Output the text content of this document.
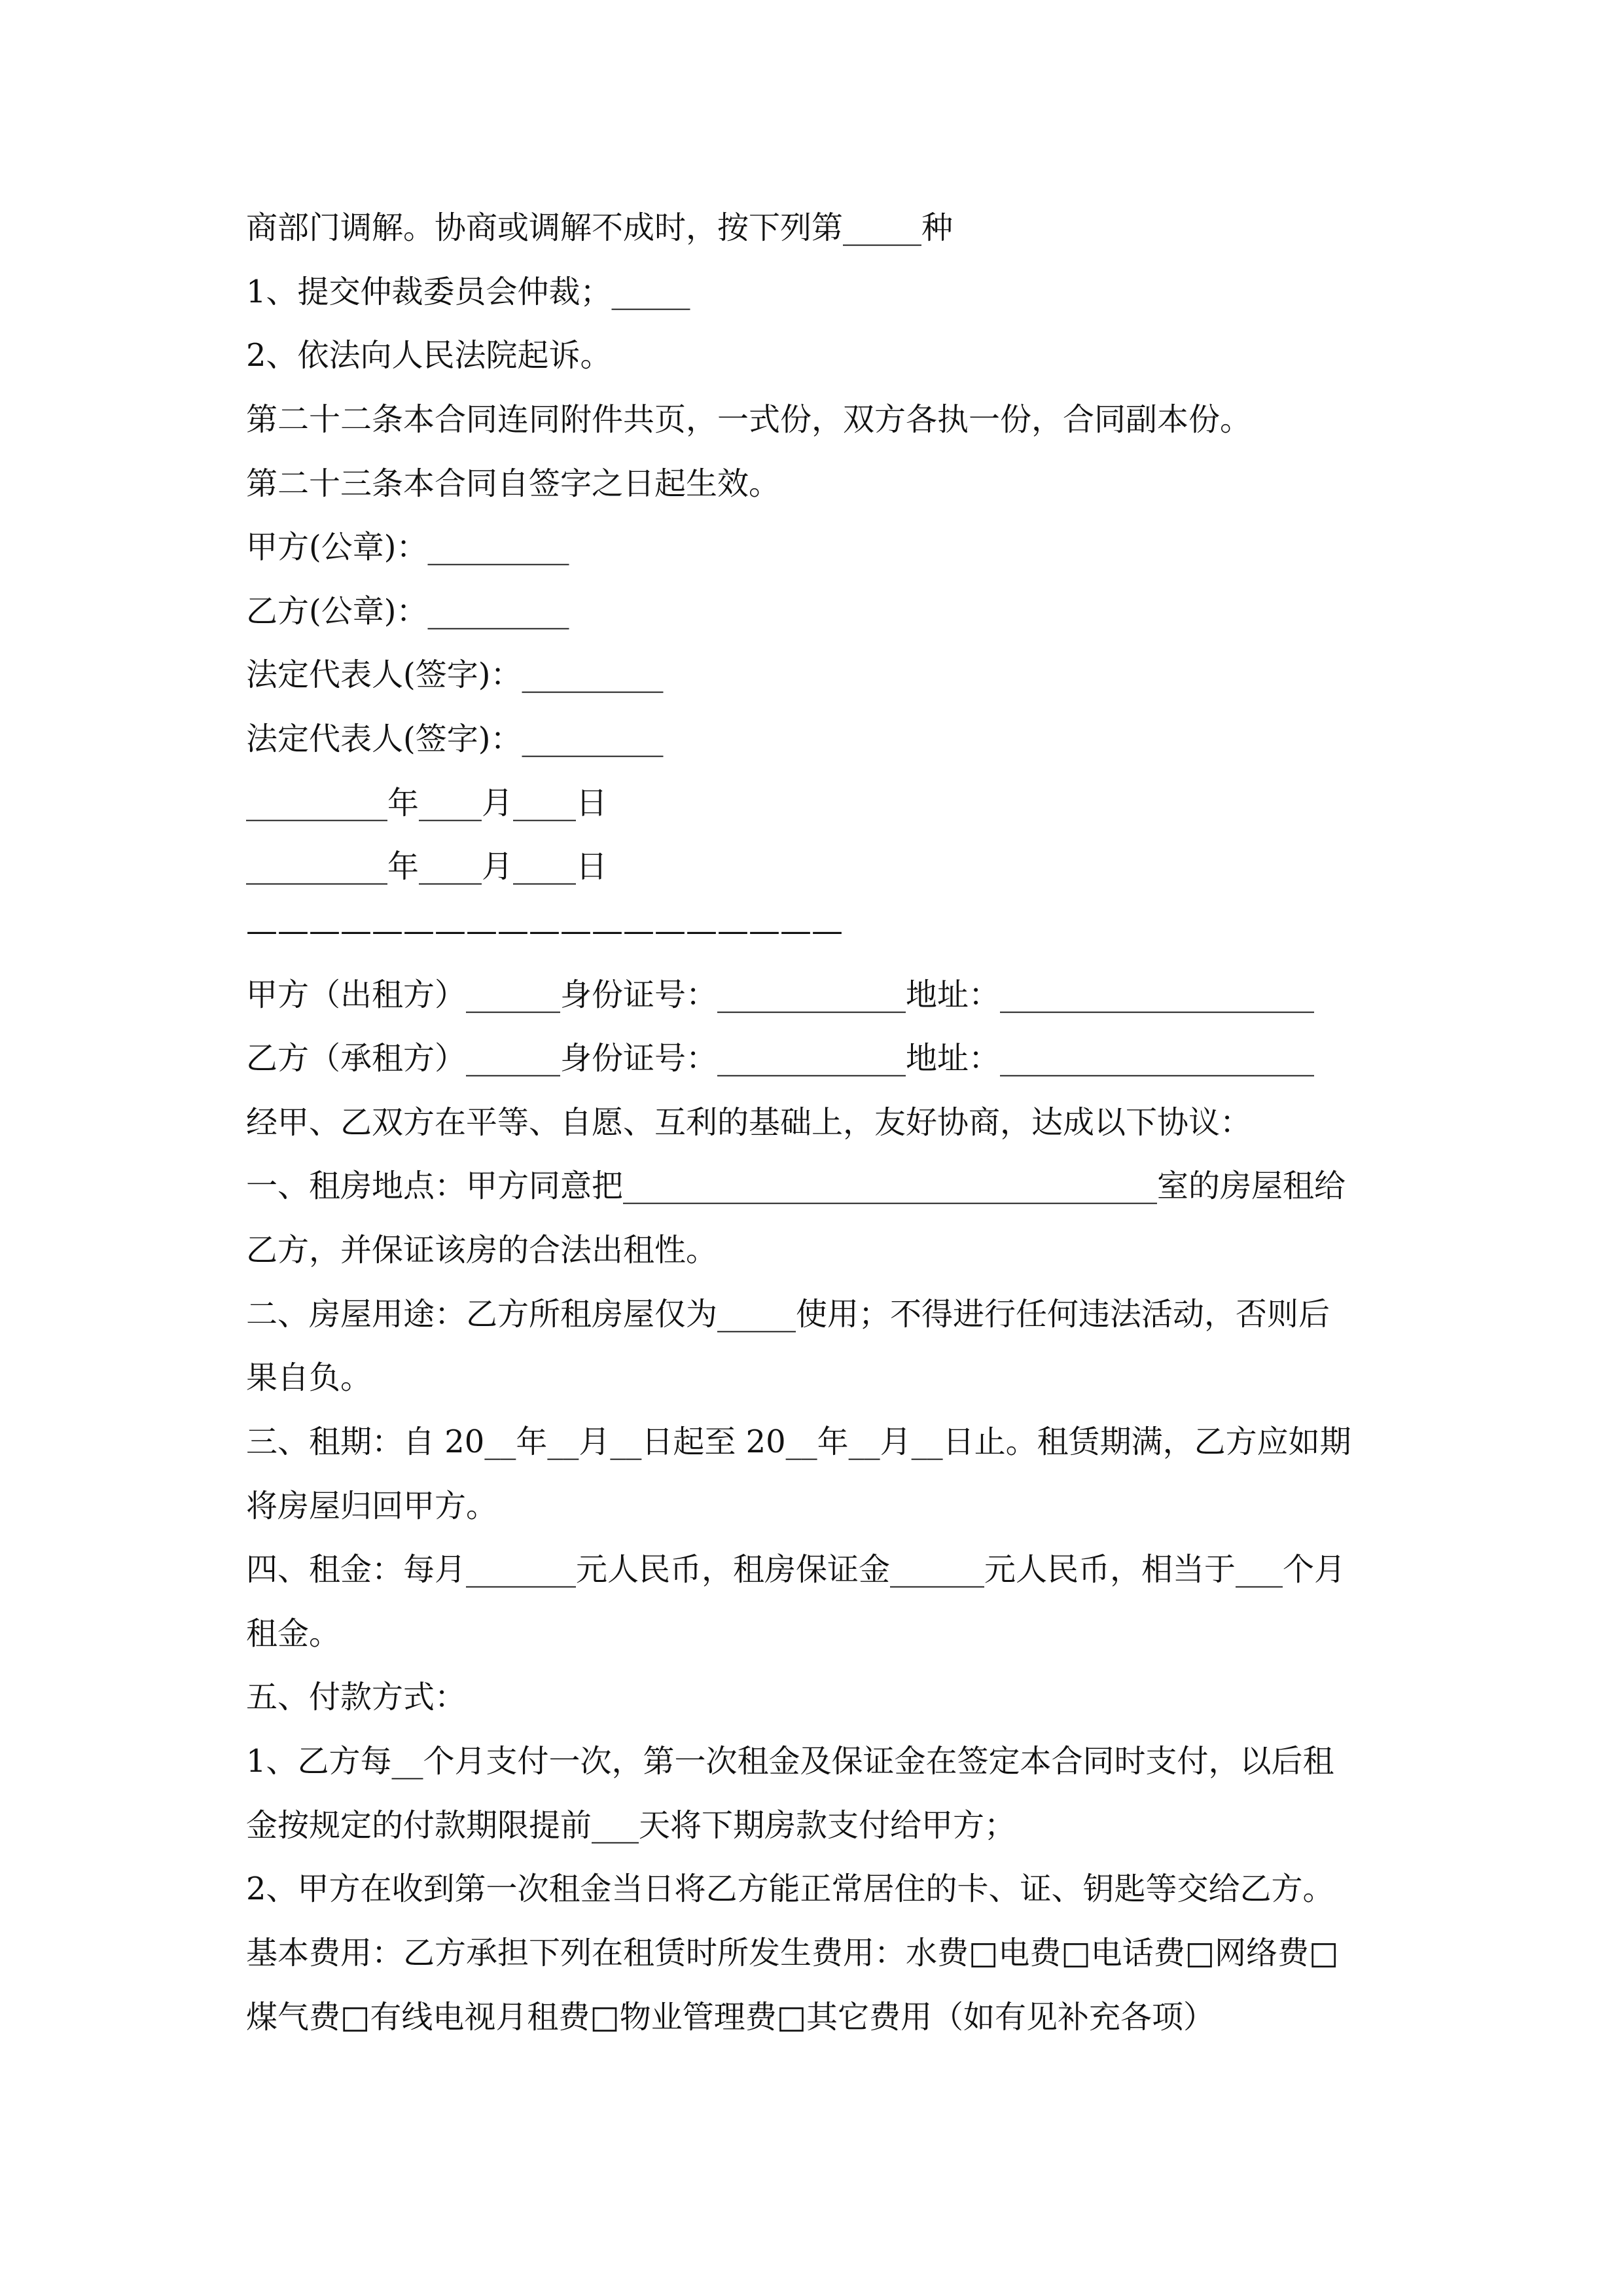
商部门调解。协商或调解不成时，按下列第_____种
1、提交仲裁委员会仲裁；_____
2、依法向人民法院起诉。
第二十二条本合同连同附件共页，一式份，双方各执一份，合同副本份。
第二十三条本合同自签字之日起生效。
甲方(公章)：_________
乙方(公章)：_________
法定代表人(签字)：_________
法定代表人(签字)：_________
_________年____月____日
_________年____月____日
———————————————————
甲方（出租方）______身份证号：____________地址：____________________
乙方（承租方）______身份证号：____________地址：____________________
经甲、乙双方在平等、自愿、互利的基础上，友好协商，达成以下协议：
一、租房地点：甲方同意把__________________________________室的房屋租给
乙方，并保证该房的合法出租性。
二、房屋用途：乙方所租房屋仅为_____使用；不得进行任何违法活动，否则后
果自负。
三、租期：自 20__年__月__日起至 20__年__月__日止。租赁期满，乙方应如期
将房屋归回甲方。
四、租金：每月_______元人民币，租房保证金______元人民币，相当于___个月
租金。
五、付款方式：
1、乙方每__个月支付一次，第一次租金及保证金在签定本合同时支付，以后租
金按规定的付款期限提前___天将下期房款支付给甲方；
2、甲方在收到第一次租金当日将乙方能正常居住的卡、证、钥匙等交给乙方。
基本费用：乙方承担下列在租赁时所发生费用：水费□电费□电话费□网络费□
煤气费□有线电视月租费□物业管理费□其它费用（如有见补充各项）
